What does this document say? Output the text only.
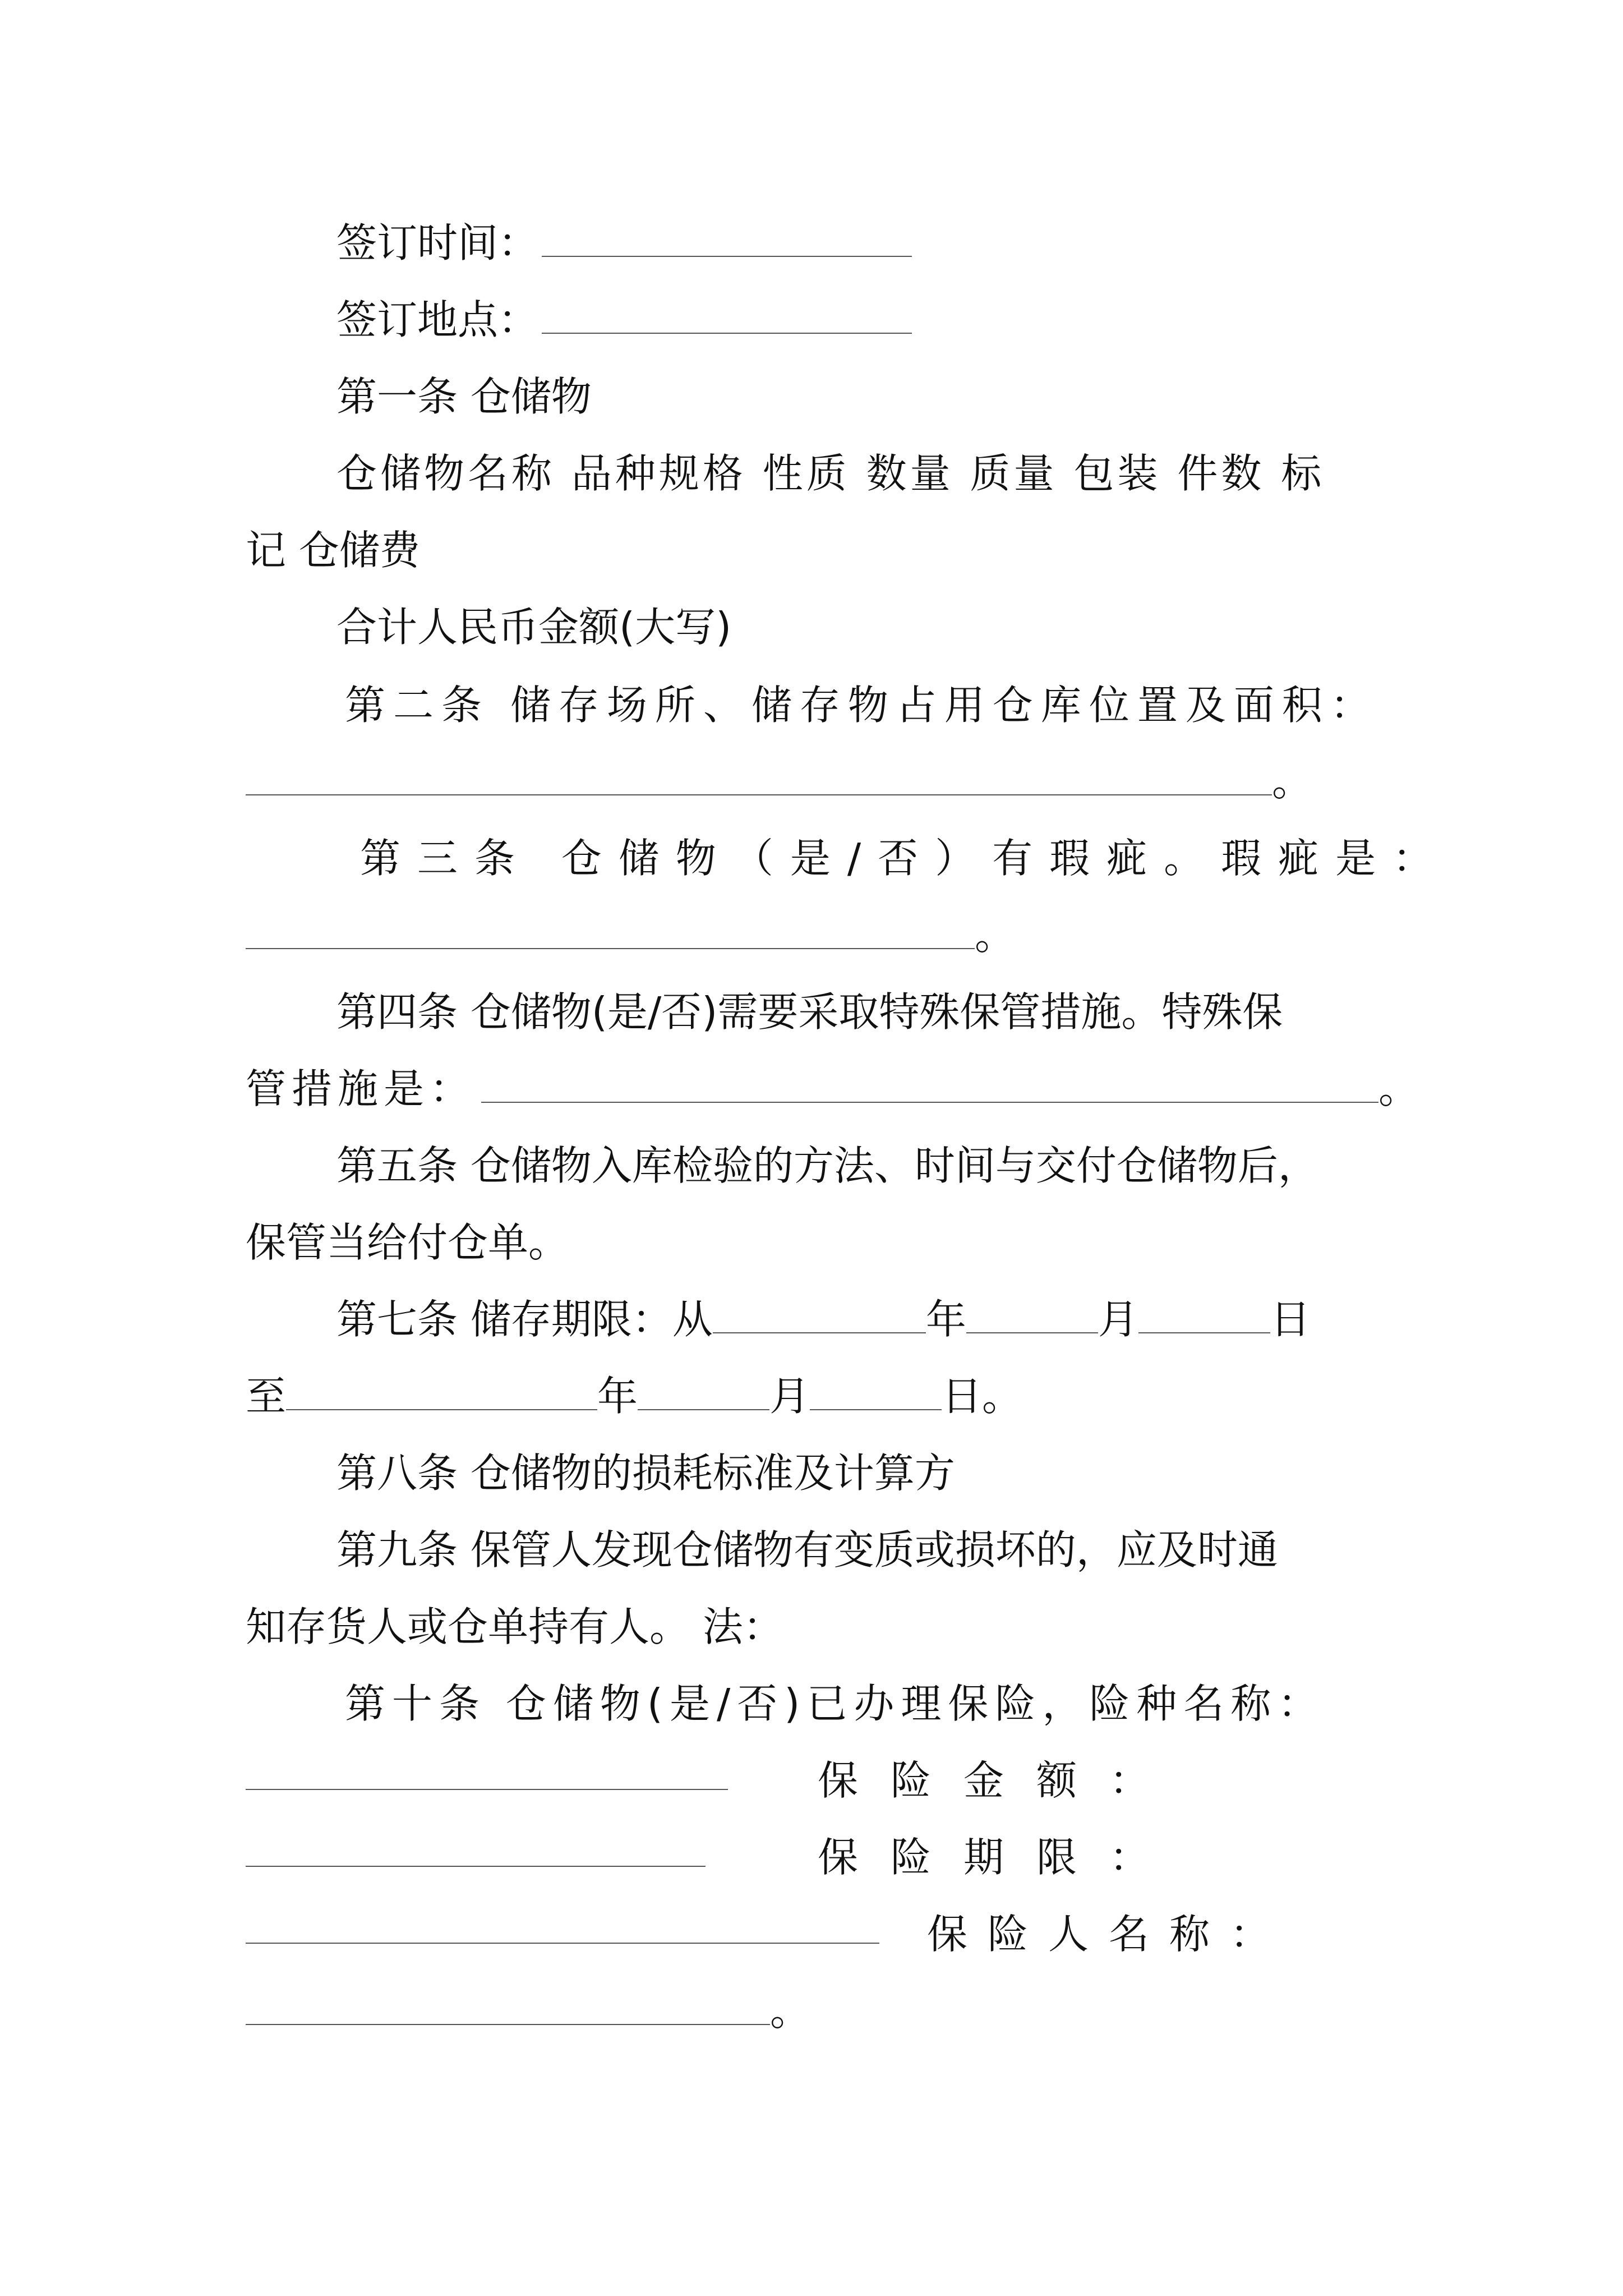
签订时间：
签订地点：
第一条 仓储物
仓储物名称 品种规格 性质 数量 质量 包装 件数 标
记 仓储费
合计人民币金额(大写)
第二条 储存场所、储存物占用仓库位置及面积：
。
第三条 仓储物（是/否）有瑕疵。瑕疵是：
。
第四条 仓储物(是/否)需要采取特殊保管措施。特殊保
管措施是：	。
第五条 仓储物入库检验的方法、时间与交付仓储物后，
保管当给付仓单。
第七条 储存期限：从	年	月	日
至	年	月	日。
第八条 仓储物的损耗标准及计算方
第九条 保管人发现仓储物有变质或损坏的，应及时通
知存货人或仓单持有人。 法：
第十条 仓储物(是/否)已办理保险，险种名称：
保险金额：
保险期限：
保险人名称：
。
